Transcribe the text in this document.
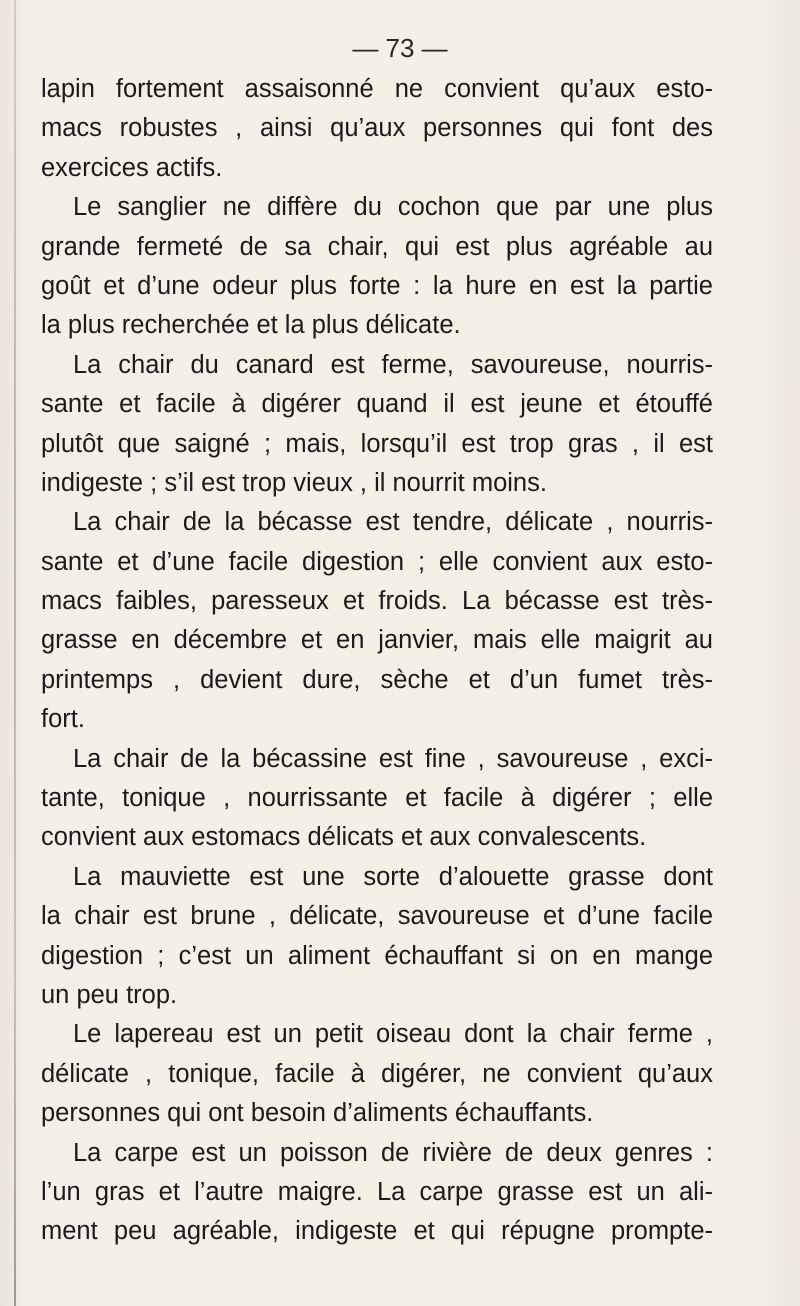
— 73 —
lapin fortement assaisonné ne convient qu’aux esto-
macs robustes , ainsi qu’aux personnes qui font des
exercices actifs.
Le sanglier ne diffère du cochon que par une plus
grande fermeté de sa chair, qui est plus agréable au
goût et d’une odeur plus forte : la hure en est la partie
la plus recherchée et la plus délicate.
La chair du canard est ferme, savoureuse, nourris-
sante et facile à digérer quand il est jeune et étouffé
plutôt que saigné ; mais, lorsqu’il est trop gras , il est
indigeste ; s’il est trop vieux , il nourrit moins.
La chair de la bécasse est tendre, délicate , nourris-
sante et d’une facile digestion ; elle convient aux esto-
macs faibles, paresseux et froids. La bécasse est très-
grasse en décembre et en janvier, mais elle maigrit au
printemps , devient dure, sèche et d’un fumet très-
fort.
La chair de la bécassine est fine , savoureuse , exci-
tante, tonique , nourrissante et facile à digérer ; elle
convient aux estomacs délicats et aux convalescents.
La mauviette est une sorte d’alouette grasse dont
la chair est brune , délicate, savoureuse et d’une facile
digestion ; c’est un aliment échauffant si on en mange
un peu trop.
Le lapereau est un petit oiseau dont la chair ferme ,
délicate , tonique, facile à digérer, ne convient qu’aux
personnes qui ont besoin d’aliments échauffants.
La carpe est un poisson de rivière de deux genres :
l’un gras et l’autre maigre. La carpe grasse est un ali-
ment peu agréable, indigeste et qui répugne prompte-
